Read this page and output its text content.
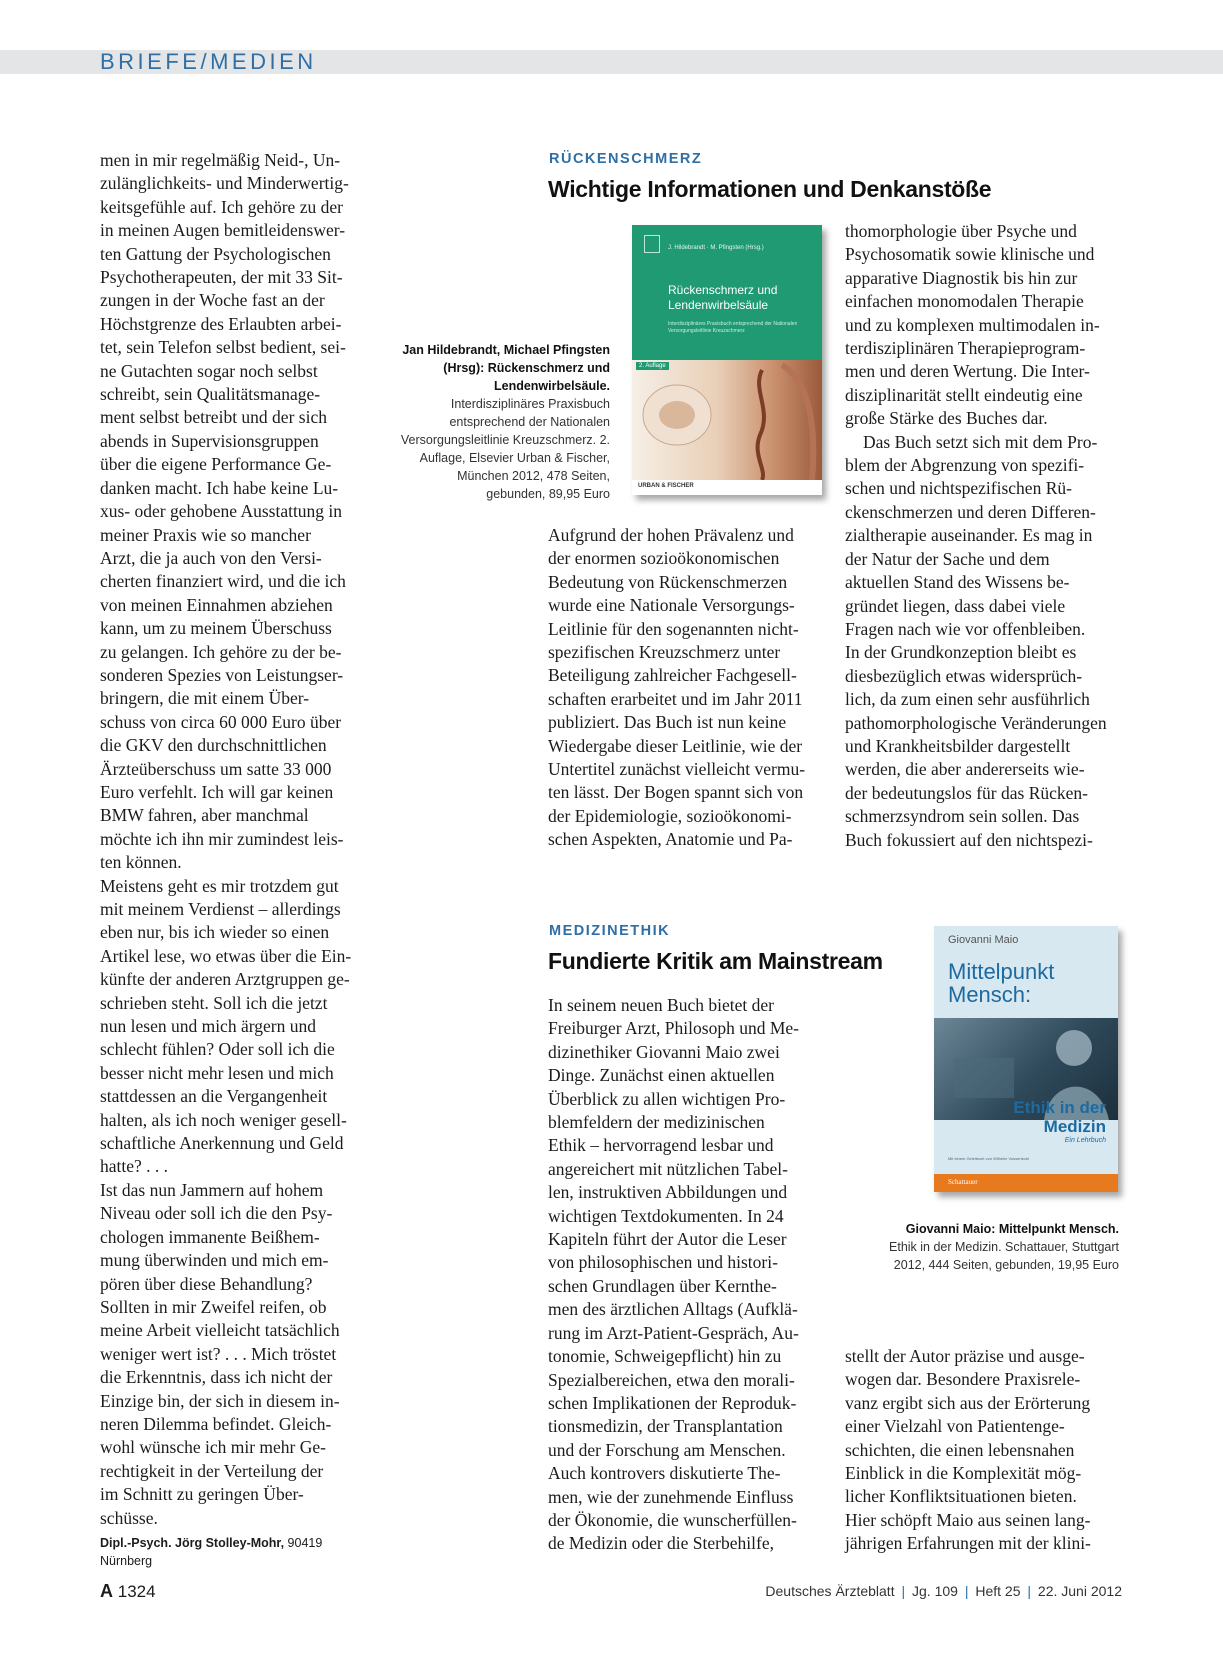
BRIEFE/MEDIEN
men in mir regelmäßig Neid-, Un-
zulänglichkeits- und Minderwertig-
keitsgefühle auf. Ich gehöre zu der
in meinen Augen bemitleidenswer-
ten Gattung der Psychologischen
Psychotherapeuten, der mit 33 Sit-
zungen in der Woche fast an der
Höchstgrenze des Erlaubten arbei-
tet, sein Telefon selbst bedient, sei-
ne Gutachten sogar noch selbst
schreibt, sein Qualitätsmanage-
ment selbst betreibt und der sich
abends in Supervisionsgruppen
über die eigene Performance Ge-
danken macht. Ich habe keine Lu-
xus- oder gehobene Ausstattung in
meiner Praxis wie so mancher
Arzt, die ja auch von den Versi-
cherten finanziert wird, und die ich
von meinen Einnahmen abziehen
kann, um zu meinem Überschuss
zu gelangen. Ich gehöre zu der be-
sonderen Spezies von Leistungser-
bringern, die mit einem Über-
schuss von circa 60 000 Euro über
die GKV den durchschnittlichen
Ärzteüberschuss um satte 33 000
Euro verfehlt. Ich will gar keinen
BMW fahren, aber manchmal
möchte ich ihn mir zumindest leis-
ten können.
Meistens geht es mir trotzdem gut
mit meinem Verdienst – allerdings
eben nur, bis ich wieder so einen
Artikel lese, wo etwas über die Ein-
künfte der anderen Arztgruppen ge-
schrieben steht. Soll ich die jetzt
nun lesen und mich ärgern und
schlecht fühlen? Oder soll ich die
besser nicht mehr lesen und mich
stattdessen an die Vergangenheit
halten, als ich noch weniger gesell-
schaftliche Anerkennung und Geld
hatte? . . .
Ist das nun Jammern auf hohem
Niveau oder soll ich die den Psy-
chologen immanente Beißhem-
mung überwinden und mich em-
pören über diese Behandlung?
Sollten in mir Zweifel reifen, ob
meine Arbeit vielleicht tatsächlich
weniger wert ist? . . . Mich tröstet
die Erkenntnis, dass ich nicht der
Einzige bin, der sich in diesem in-
neren Dilemma befindet. Gleich-
wohl wünsche ich mir mehr Ge-
rechtigkeit in der Verteilung der
im Schnitt zu geringen Über-
schüsse.
Dipl.-Psych. Jörg Stolley-Mohr, 90419 Nürnberg
RÜCKENSCHMERZ
Wichtige Informationen und Denkanstöße
Jan Hildebrandt, Michael Pfingsten (Hrsg): Rückenschmerz und Lendenwirbelsäule. Interdisziplinäres Praxisbuch entsprechend der Nationalen Versorgungsleitlinie Kreuzschmerz. 2. Auflage, Elsevier Urban & Fischer, München 2012, 478 Seiten, gebunden, 89,95 Euro
J. Hildebrandt · M. Pfingsten (Hrsg.)
Rückenschmerz und
Lendenwirbelsäule
Interdisziplinäres Praxisbuch entsprechend der Nationalen Versorgungsleitlinie Kreuzschmerz
2. Auflage
URBAN & FISCHER
Aufgrund der hohen Prävalenz und
der enormen sozioökonomischen
Bedeutung von Rückenschmerzen
wurde eine Nationale Versorgungs-
Leitlinie für den sogenannten nicht-
spezifischen Kreuzschmerz unter
Beteiligung zahlreicher Fachgesell-
schaften erarbeitet und im Jahr 2011
publiziert. Das Buch ist nun keine
Wiedergabe dieser Leitlinie, wie der
Untertitel zunächst vielleicht vermu-
ten lässt. Der Bogen spannt sich von
der Epidemiologie, sozioökonomi-
schen Aspekten, Anatomie und Pa-
thomorphologie über Psyche und
Psychosomatik sowie klinische und
apparative Diagnostik bis hin zur
einfachen monomodalen Therapie
und zu komplexen multimodalen in-
terdisziplinären Therapieprogram-
men und deren Wertung. Die Inter-
disziplinarität stellt eindeutig eine
große Stärke des Buches dar.
Das Buch setzt sich mit dem Pro-
blem der Abgrenzung von spezifi-
schen und nichtspezifischen Rü-
ckenschmerzen und deren Differen-
zialtherapie auseinander. Es mag in
der Natur der Sache und dem
aktuellen Stand des Wissens be-
gründet liegen, dass dabei viele
Fragen nach wie vor offenbleiben.
In der Grundkonzeption bleibt es
diesbezüglich etwas widersprüch-
lich, da zum einen sehr ausführlich
pathomorphologische Veränderungen
und Krankheitsbilder dargestellt
werden, die aber andererseits wie-
der bedeutungslos für das Rücken-
schmerzsyndrom sein sollen. Das
Buch fokussiert auf den nichtspezi-
MEDIZINETHIK
Fundierte Kritik am Mainstream
Giovanni Maio
Mittelpunkt
Mensch:
Ethik in der
Medizin
Ein Lehrbuch
Mit einem Geleitwort von Wilhelm Vossenkuhl
Schattauer
Giovanni Maio: Mittelpunkt Mensch.
Ethik in der Medizin. Schattauer, Stuttgart 2012, 444 Seiten, gebunden, 19,95 Euro
In seinem neuen Buch bietet der
Freiburger Arzt, Philosoph und Me-
dizinethiker Giovanni Maio zwei
Dinge. Zunächst einen aktuellen
Überblick zu allen wichtigen Pro-
blemfeldern der medizinischen
Ethik – hervorragend lesbar und
angereichert mit nützlichen Tabel-
len, instruktiven Abbildungen und
wichtigen Textdokumenten. In 24
Kapiteln führt der Autor die Leser
von philosophischen und histori-
schen Grundlagen über Kernthe-
men des ärztlichen Alltags (Aufklä-
rung im Arzt-Patient-Gespräch, Au-
tonomie, Schweigepflicht) hin zu
Spezialbereichen, etwa den morali-
schen Implikationen der Reproduk-
tionsmedizin, der Transplantation
und der Forschung am Menschen.
Auch kontrovers diskutierte The-
men, wie der zunehmende Einfluss
der Ökonomie, die wunscherfüllen-
de Medizin oder die Sterbehilfe,
stellt der Autor präzise und ausge-
wogen dar. Besondere Praxisrele-
vanz ergibt sich aus der Erörterung
einer Vielzahl von Patientenge-
schichten, die einen lebensnahen
Einblick in die Komplexität mög-
licher Konfliktsituationen bieten.
Hier schöpft Maio aus seinen lang-
jährigen Erfahrungen mit der klini-
A 1324	Deutsches Ärzteblatt | Jg. 109 | Heft 25 | 22. Juni 2012
